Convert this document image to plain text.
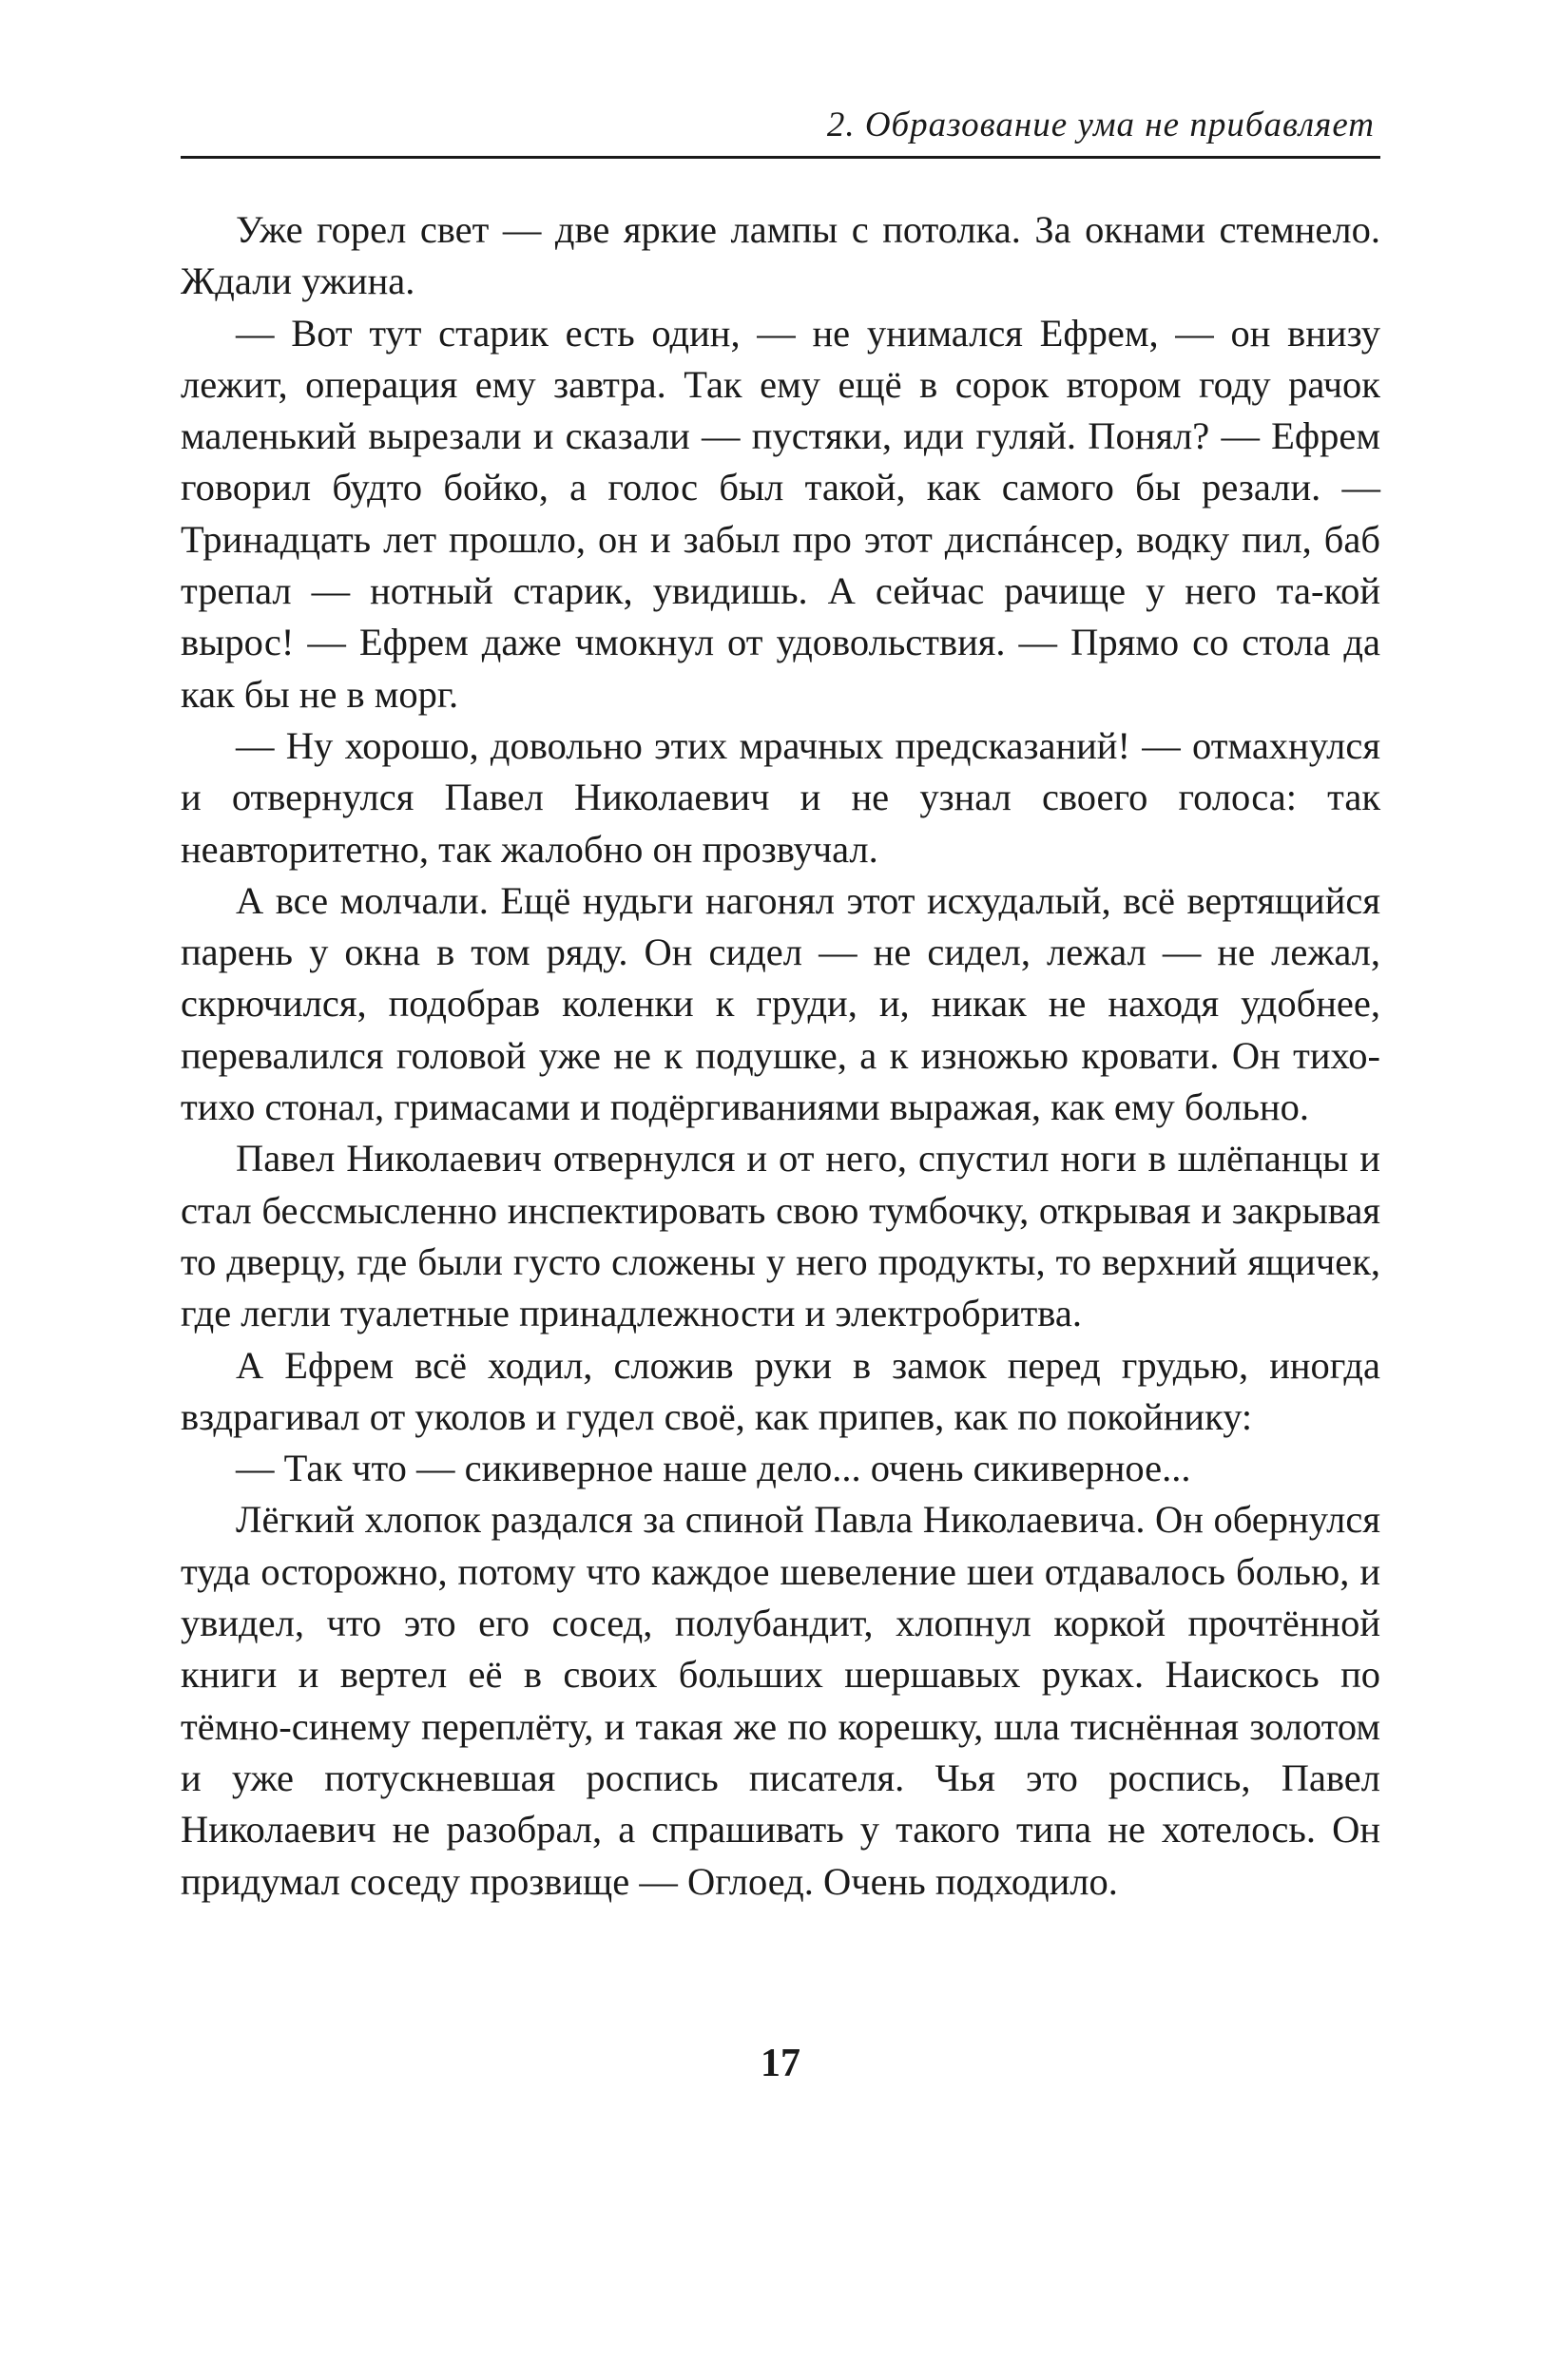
2. Образование ума не прибавляет

Уже горел свет — две яркие лампы с потолка. За окнами стемнело. Ждали ужина.

— Вот тут старик есть один, — не унимался Ефрем, — он внизу лежит, операция ему завтра. Так ему ещё в сорок втором году рачок маленький вырезали и сказали — пустяки, иди гуляй. Понял? — Ефрем говорил будто бойко, а голос был такой, как самого бы резали. — Тринадцать лет прошло, он и забыл про этот диспáнсер, водку пил, баб трепал — нотный старик, увидишь. А сейчас рачище у него та-кой вырос! — Ефрем даже чмокнул от удовольствия. — Прямо со стола да как бы не в морг.

— Ну хорошо, довольно этих мрачных предсказаний! — отмахнулся и отвернулся Павел Николаевич и не узнал своего голоса: так неавторитетно, так жалобно он прозвучал.

А все молчали. Ещё нудьги нагонял этот исхудалый, всё вертящийся парень у окна в том ряду. Он сидел — не сидел, лежал — не лежал, скрючился, подобрав коленки к груди, и, никак не находя удобнее, перевалился головой уже не к подушке, а к изножью кровати. Он тихо-тихо стонал, гримасами и подёргиваниями выражая, как ему больно.

Павел Николаевич отвернулся и от него, спустил ноги в шлёпанцы и стал бессмысленно инспектировать свою тумбочку, открывая и закрывая то дверцу, где были густо сложены у него продукты, то верхний ящичек, где легли туалетные принадлежности и электробритва.

А Ефрем всё ходил, сложив руки в замок перед грудью, иногда вздрагивал от уколов и гудел своё, как припев, как по покойнику:

— Так что — сикиверное наше дело... очень сикиверное...

Лёгкий хлопок раздался за спиной Павла Николаевича. Он обернулся туда осторожно, потому что каждое шевеление шеи отдавалось болью, и увидел, что это его сосед, полубандит, хлопнул коркой прочтённой книги и вертел её в своих больших шершавых руках. Наискось по тёмно-синему переплёту, и такая же по корешку, шла тиснённая золотом и уже потускневшая роспись писателя. Чья это роспись, Павел Николаевич не разобрал, а спрашивать у такого типа не хотелось. Он придумал соседу прозвище — Оглоед. Очень подходило.

17
